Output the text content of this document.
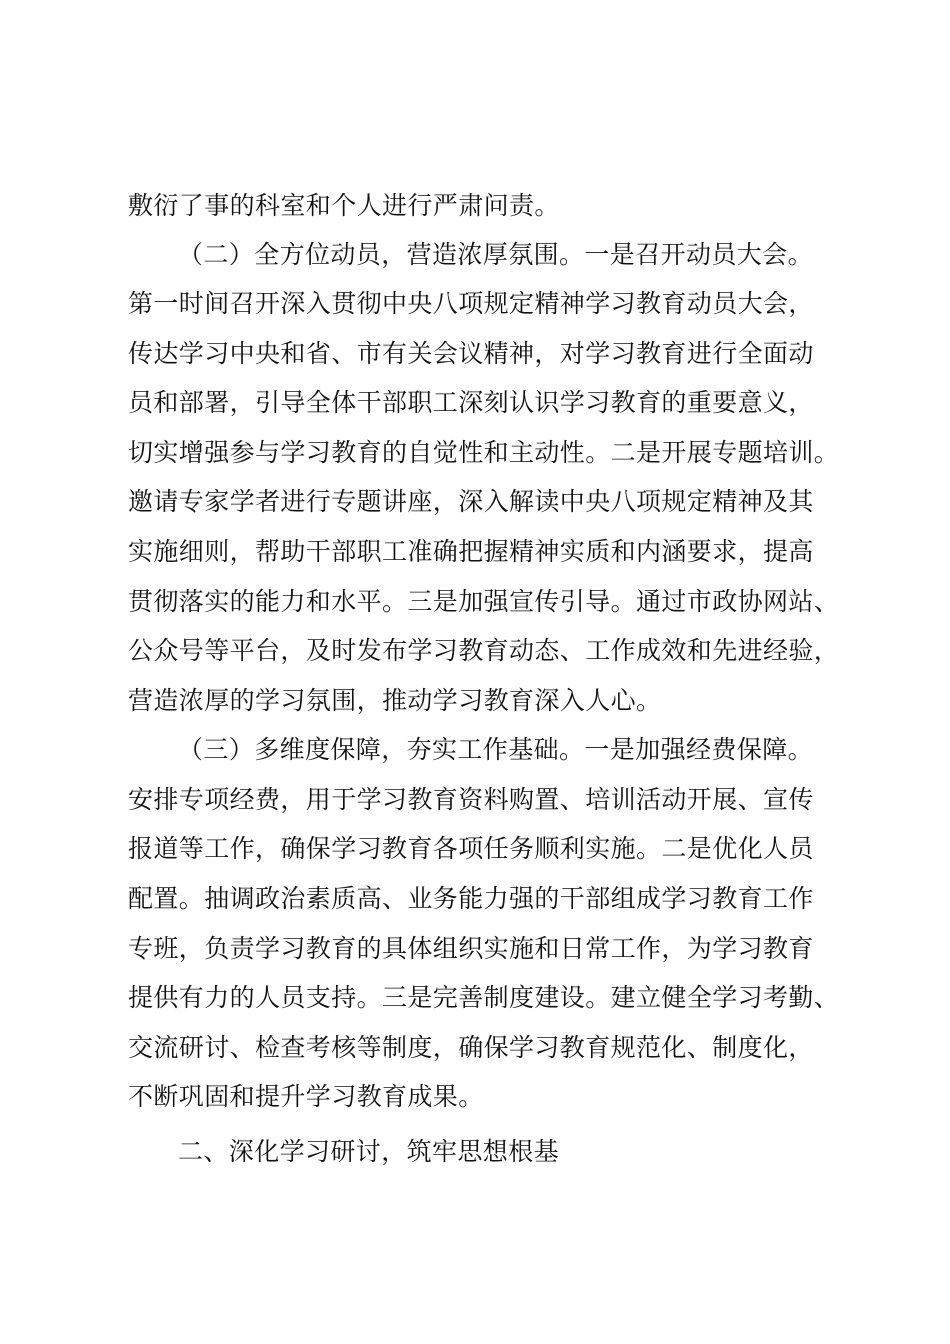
敷衍了事的科室和个人进行严肃问责。
（二）全方位动员，营造浓厚氛围。一是召开动员大会。
第一时间召开深入贯彻中央八项规定精神学习教育动员大会，
传达学习中央和省、市有关会议精神，对学习教育进行全面动
员和部署，引导全体干部职工深刻认识学习教育的重要意义，
切实增强参与学习教育的自觉性和主动性。二是开展专题培训。
邀请专家学者进行专题讲座，深入解读中央八项规定精神及其
实施细则，帮助干部职工准确把握精神实质和内涵要求，提高
贯彻落实的能力和水平。三是加强宣传引导。通过市政协网站、
公众号等平台，及时发布学习教育动态、工作成效和先进经验，
营造浓厚的学习氛围，推动学习教育深入人心。
（三）多维度保障，夯实工作基础。一是加强经费保障。
安排专项经费，用于学习教育资料购置、培训活动开展、宣传
报道等工作，确保学习教育各项任务顺利实施。二是优化人员
配置。抽调政治素质高、业务能力强的干部组成学习教育工作
专班，负责学习教育的具体组织实施和日常工作，为学习教育
提供有力的人员支持。三是完善制度建设。建立健全学习考勤、
交流研讨、检查考核等制度，确保学习教育规范化、制度化，
不断巩固和提升学习教育成果。
二、深化学习研讨，筑牢思想根基
